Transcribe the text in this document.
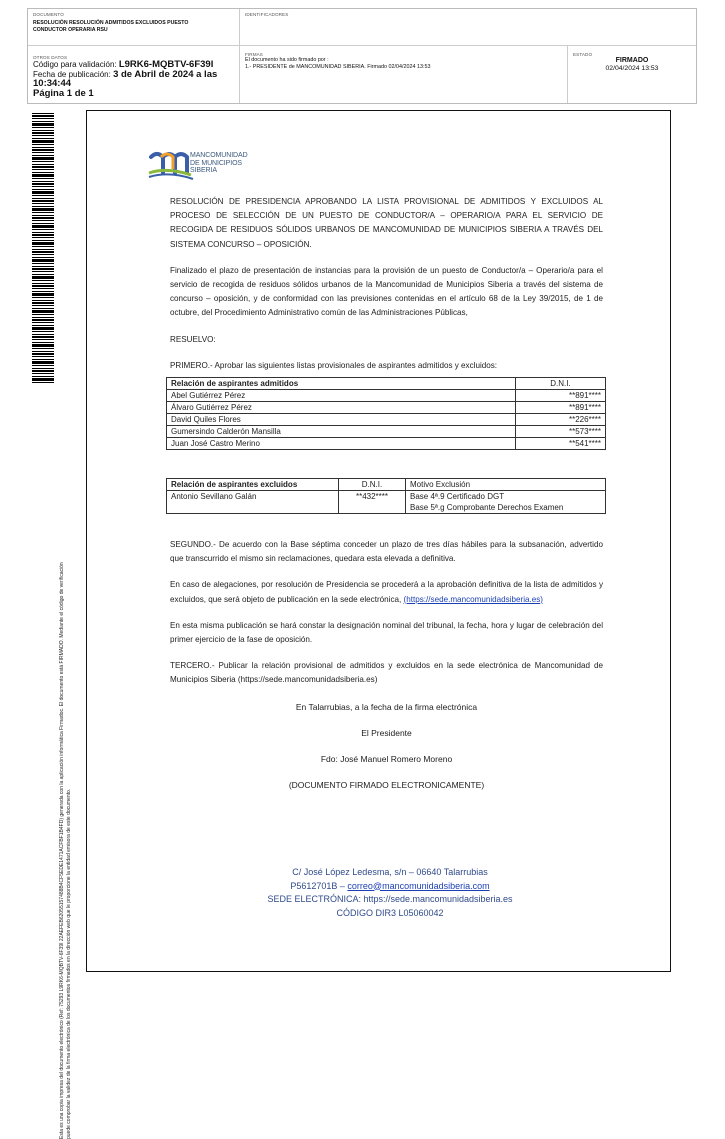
DOCUMENTO
RESOLUCIÓN RESOLUCIÓN ADMITIDOS EXCLUIDOS PUESTO CONDUCTOR OPERARIA RSU
IDENTIFICADORES
OTROS DATOS
Código para validación: L9RK6-MQBTV-6F39I
Fecha de publicación: 3 de Abril de 2024 a las 10:34:44
Página 1 de 1
FIRMAS
El documento ha sido firmado por :
1.- PRESIDENTE de MANCOMUNIDAD SIBERIA. Firmado 02/04/2024 13:53
ESTADO
FIRMADO
02/04/2024 13:53
Esta es una copia impresa del documento electrónico (Ref: 75293 L9RK6-MQBTV-6F39I 22AEFEB62055157488B4CF5EDE1471ACFBF1B4FD) generada con la aplicación informática Firmadoc. El documento está FIRMADO. Mediante el código de verificación puede comprobar la validez de la firma electrónica de los documentos firmados en la dirección web que le proporcione la entidad emisora de este documento.
MANCOMUNIDAD
DE MUNICIPIOS
SIBERIA

RESOLUCIÓN DE PRESIDENCIA APROBANDO LA LISTA PROVISIONAL DE ADMITIDOS Y EXCLUIDOS AL PROCESO DE SELECCIÓN DE UN PUESTO DE CONDUCTOR/A – OPERARIO/A PARA EL SERVICIO DE RECOGIDA DE RESIDUOS SÓLIDOS URBANOS DE MANCOMUNIDAD DE MUNICIPIOS SIBERIA A TRAVÉS DEL SISTEMA CONCURSO – OPOSICIÓN.

Finalizado el plazo de presentación de instancias para la provisión de un puesto de Conductor/a – Operario/a para el servicio de recogida de residuos sólidos urbanos de la Mancomunidad de Municipios Siberia a través del sistema de concurso – oposición, y de conformidad con las previsiones contenidas en el artículo 68 de la Ley 39/2015, de 1 de octubre, del Procedimiento Administrativo común de las Administraciones Públicas,

RESUELVO:

PRIMERO.- Aprobar las siguientes listas provisionales de aspirantes admitidos y excluidos:

Relación de aspirantes admitidos	D.N.I.
Abel Gutiérrez Pérez	**891****
Álvaro Gutiérrez Pérez	**891****
David Quiles Flores	**226****
Gumersindo Calderón Mansilla	**573****
Juan José Castro Merino	**541****
Relación de aspirantes excluidos	D.N.I.	Motivo Exclusión
Antonio Sevillano Galán	**432****	Base 4ª.9 Certificado DGT
Base 5ª.g Comprobante Derechos Examen

SEGUNDO.- De acuerdo con la Base séptima conceder un plazo de tres días hábiles para la subsanación, advertido que transcurrido el mismo sin reclamaciones, quedara esta elevada a definitiva.

En caso de alegaciones, por resolución de Presidencia se procederá a la aprobación definitiva de la lista de admitidos y excluidos, que será objeto de publicación en la sede electrónica, (https://sede.mancomunidadsiberia.es)

En esta misma publicación se hará constar la designación nominal del tribunal, la fecha, hora y lugar de celebración del primer ejercicio de la fase de oposición.

TERCERO.- Publicar la relación provisional de admitidos y excluidos en la sede electrónica de Mancomunidad de Municipios Siberia (https://sede.mancomunidadsiberia.es)

En Talarrubias, a la fecha de la firma electrónica
El Presidente
Fdo: José Manuel Romero Moreno
(DOCUMENTO FIRMADO ELECTRONICAMENTE)
C/ José López Ledesma, s/n – 06640 Talarrubias
P5612701B – correo@mancomunidadsiberia.com
SEDE ELECTRÓNICA: https://sede.mancomunidadsiberia.es
CÓDIGO DIR3 L05060042
